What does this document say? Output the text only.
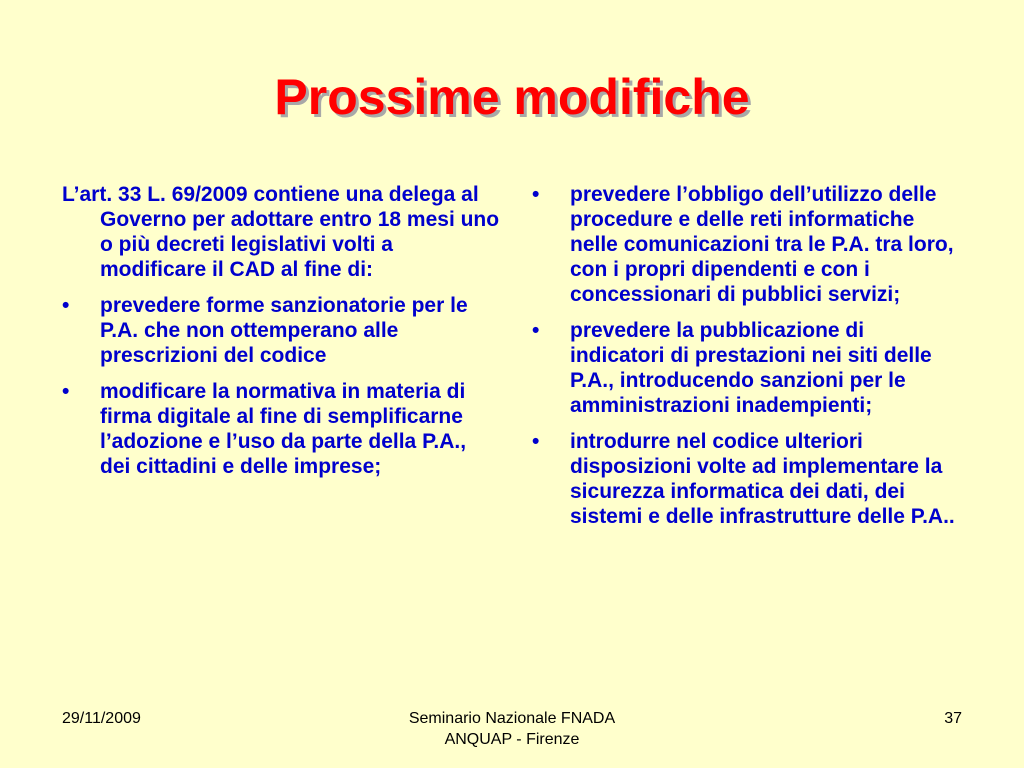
Prossime modifiche

L’art. 33 L. 69/2009 contiene una delega al Governo per adottare entro 18 mesi uno o più decreti legislativi volti a modificare il CAD al fine di:

•	prevedere forme sanzionatorie per le P.A. che non ottemperano alle prescrizioni del codice
•	modificare la normativa in materia di firma digitale al fine di semplificarne l’adozione e l’uso da parte della P.A., dei cittadini e delle imprese;
•	prevedere l’obbligo dell’utilizzo delle procedure e delle reti informatiche nelle comunicazioni tra le P.A. tra loro, con i propri dipendenti e con i concessionari di pubblici servizi;
•	prevedere la pubblicazione di indicatori di prestazioni nei siti delle P.A., introducendo sanzioni per le amministrazioni inadempienti;
•	introdurre nel codice ulteriori disposizioni volte ad implementare la sicurezza informatica dei dati, dei sistemi e delle infrastrutture delle P.A..
29/11/2009	Seminario Nazionale FNADA
ANQUAP - Firenze
37
